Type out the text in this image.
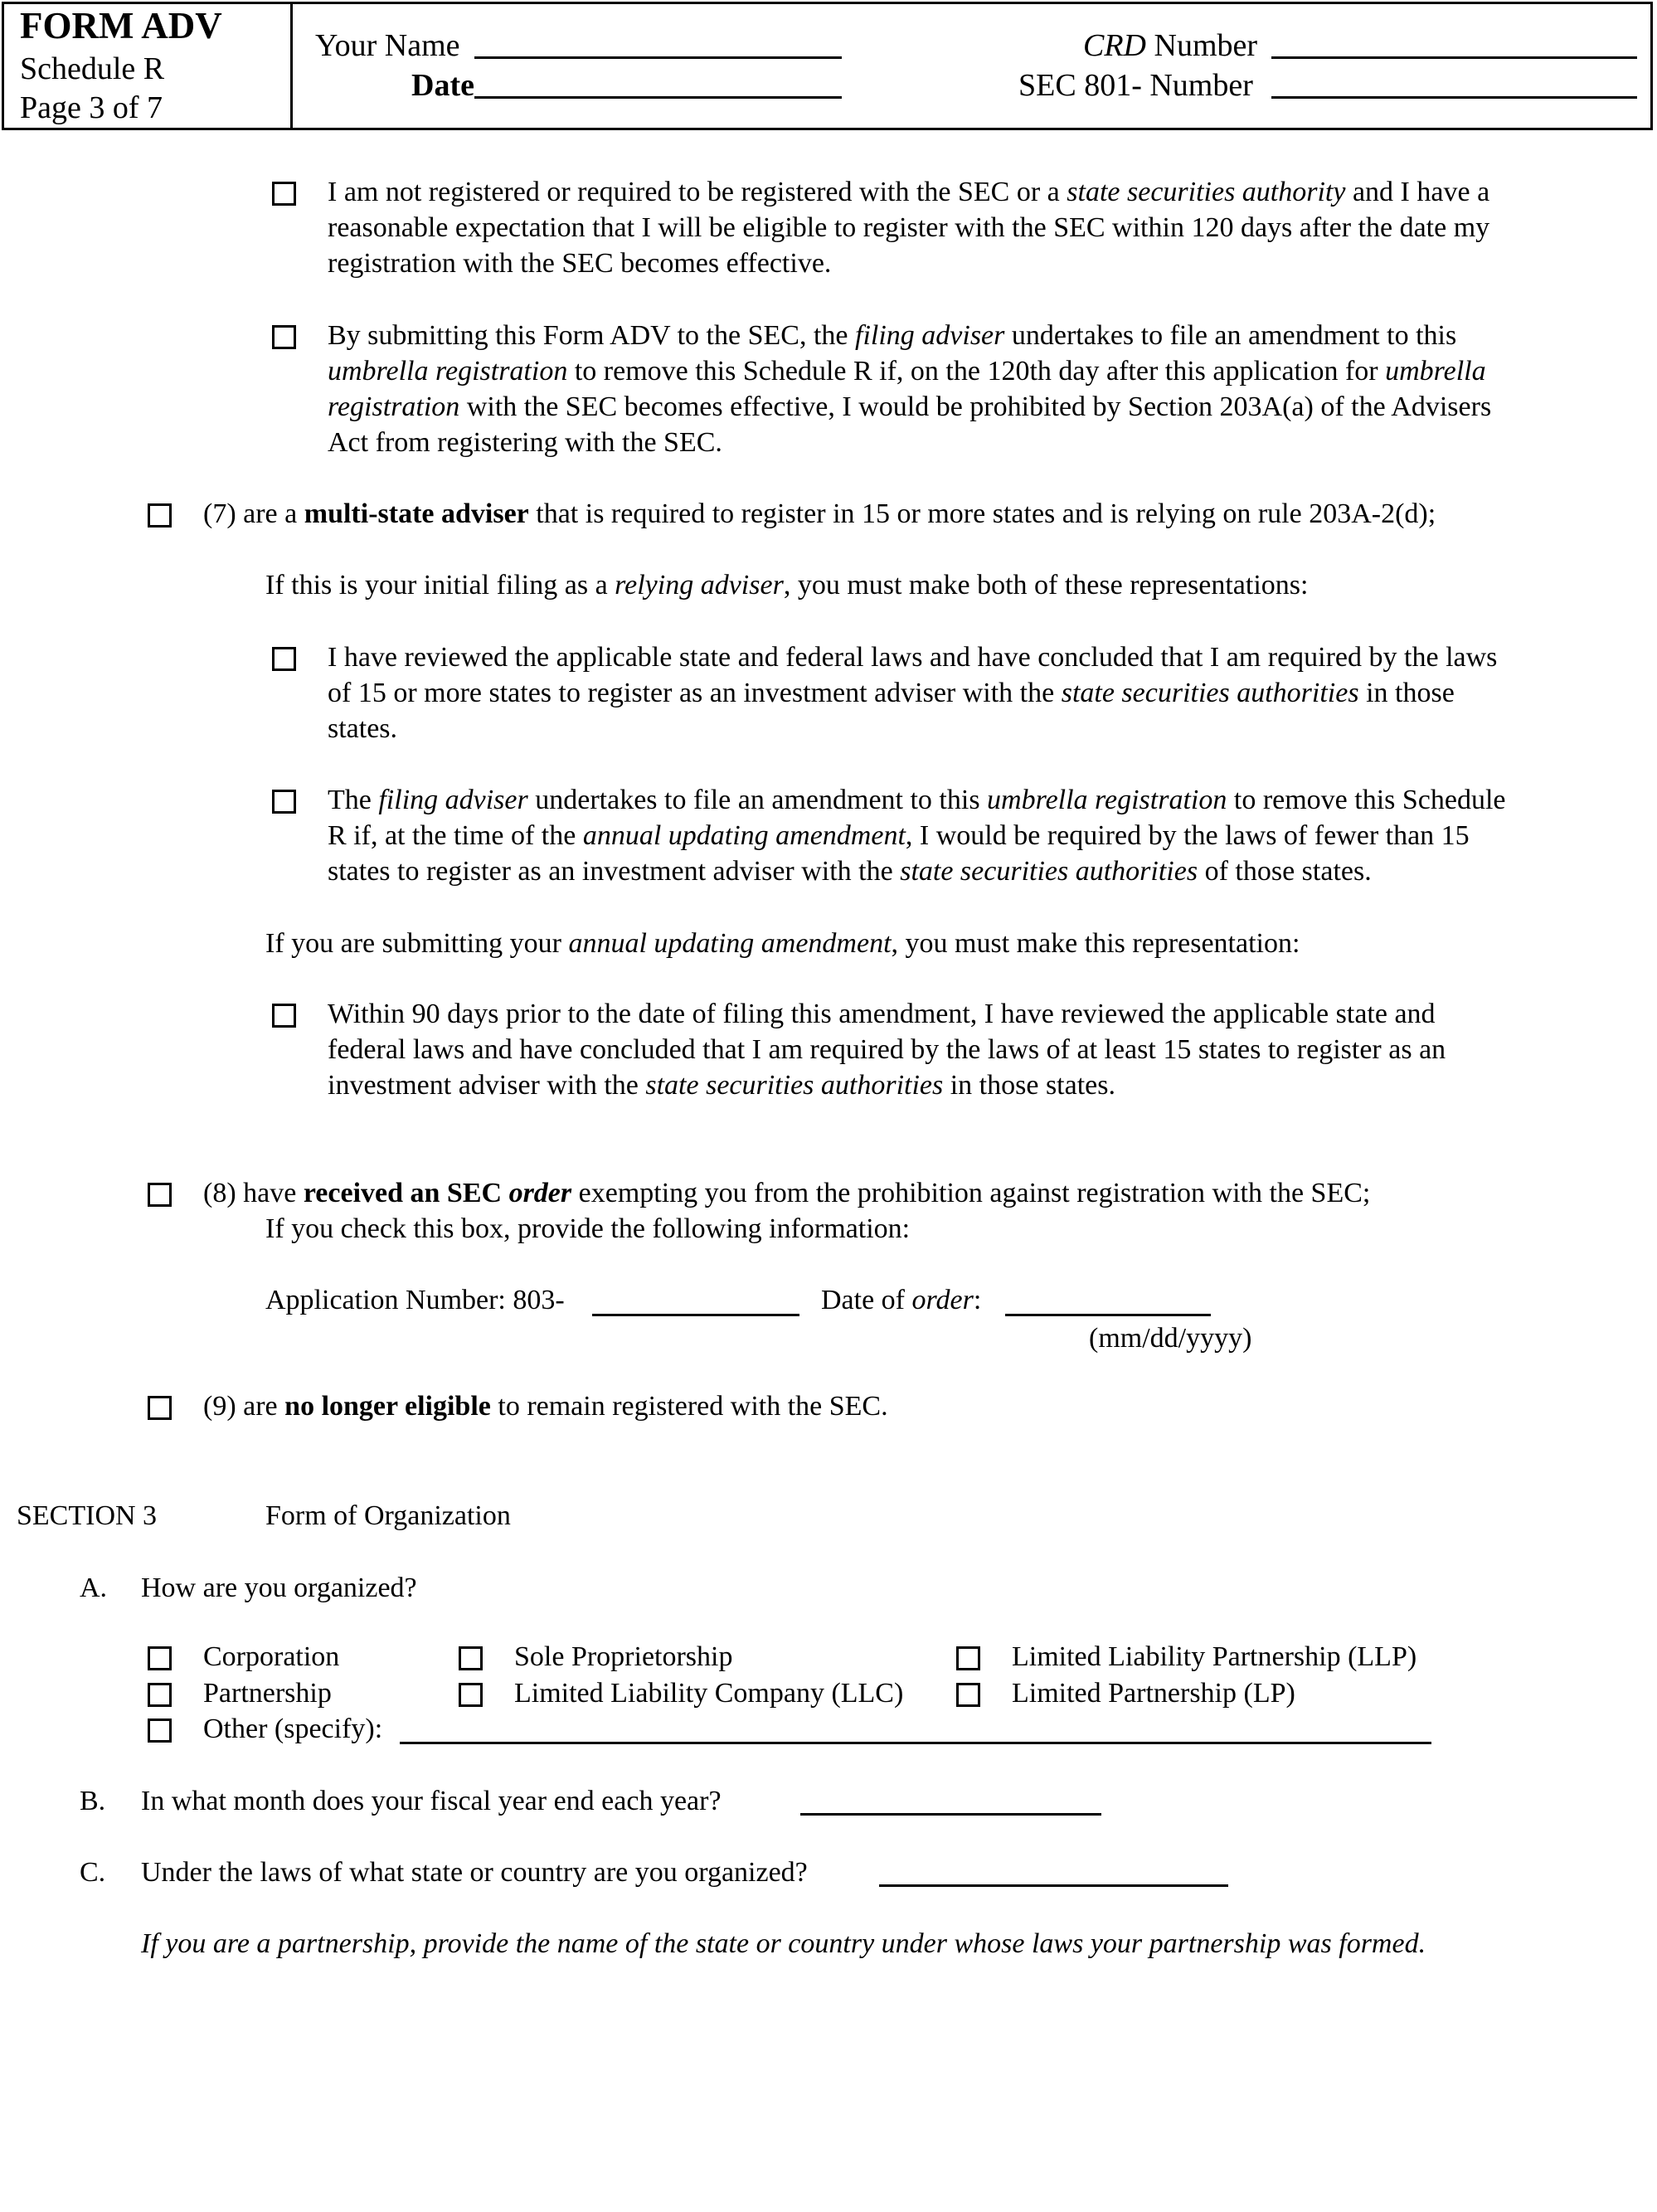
FORM ADV
Schedule R
Page 3 of 7
Your Name
Date
CRD Number
SEC 801- Number
I am not registered or required to be registered with the SEC or a state securities authority and I have a
reasonable expectation that I will be eligible to register with the SEC within 120 days after the date my
registration with the SEC becomes effective.
By submitting this Form ADV to the SEC, the filing adviser undertakes to file an amendment to this
umbrella registration to remove this Schedule R if, on the 120th day after this application for umbrella
registration with the SEC becomes effective, I would be prohibited by Section 203A(a) of the Advisers
Act from registering with the SEC.
(7) are a multi-state adviser that is required to register in 15 or more states and is relying on rule 203A-2(d);
If this is your initial filing as a relying adviser, you must make both of these representations:
I have reviewed the applicable state and federal laws and have concluded that I am required by the laws
of 15 or more states to register as an investment adviser with the state securities authorities in those
states.
The filing adviser undertakes to file an amendment to this umbrella registration to remove this Schedule
R if, at the time of the annual updating amendment, I would be required by the laws of fewer than 15
states to register as an investment adviser with the state securities authorities of those states.
If you are submitting your annual updating amendment, you must make this representation:
Within 90 days prior to the date of filing this amendment, I have reviewed the applicable state and
federal laws and have concluded that I am required by the laws of at least 15 states to register as an
investment adviser with the state securities authorities in those states.
(8) have received an SEC order exempting you from the prohibition against registration with the SEC;
If you check this box, provide the following information:
Application Number: 803-	Date of order:
(mm/dd/yyyy)
(9) are no longer eligible to remain registered with the SEC.
SECTION 3	Form of Organization
A. How are you organized?
Corporation	Sole Proprietorship	Limited Liability Partnership (LLP)
Partnership	Limited Liability Company (LLC)	Limited Partnership (LP)
Other (specify):
B. In what month does your fiscal year end each year?
C. Under the laws of what state or country are you organized?
If you are a partnership, provide the name of the state or country under whose laws your partnership was formed.
